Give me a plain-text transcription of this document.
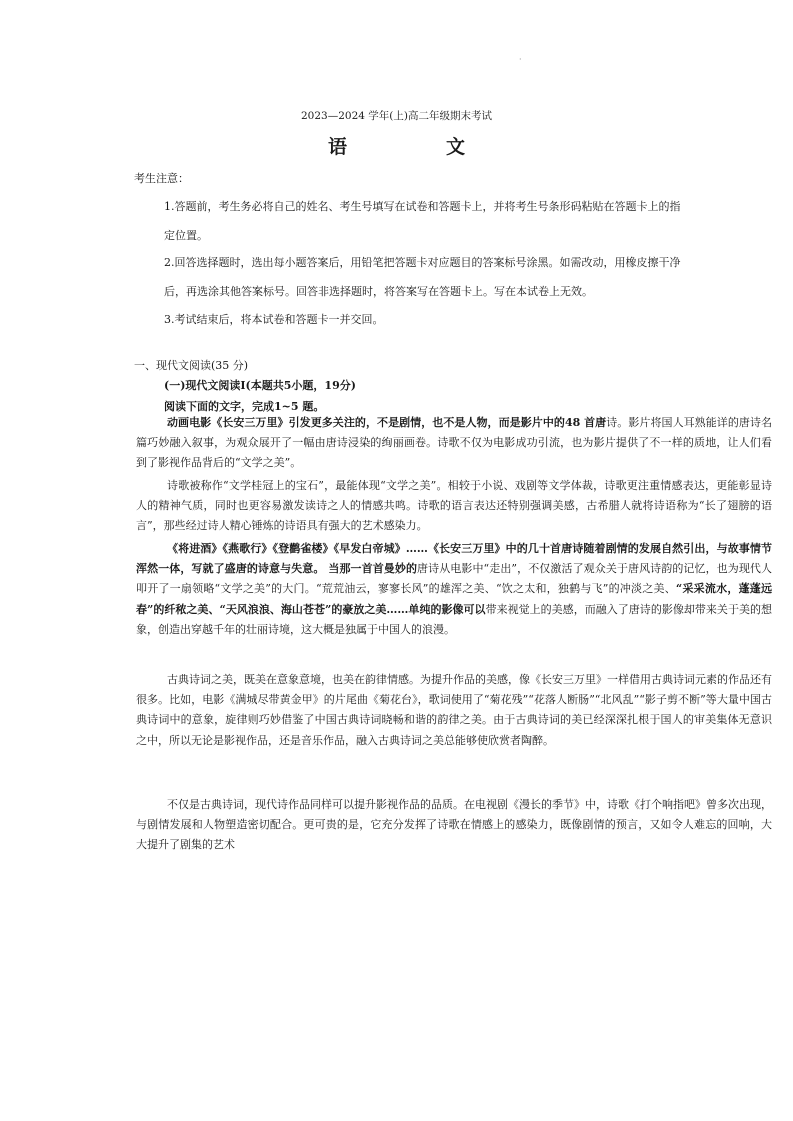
·
2023—2024 学年(上)高二年级期末考试
语　文
考生注意：
1.答题前，考生务必将自己的姓名、考生号填写在试卷和答题卡上，并将考生号条形码粘贴在答题卡上的指
定位置。
2.回答选择题时，选出每小题答案后，用铅笔把答题卡对应题目的答案标号涂黑。如需改动，用橡皮擦干净
后，再选涂其他答案标号。回答非选择题时，将答案写在答题卡上。写在本试卷上无效。
3.考试结束后，将本试卷和答题卡一并交回。
一、现代文阅读(35 分)
(一)现代文阅读Ⅰ(本题共5小题，19分)
阅读下面的文字，完成1~5 题。

动画电影《长安三万里》引发更多关注的，不是剧情，也不是人物，而是影片中的48 首唐诗。影片将国人耳熟能详的唐诗名篇巧妙融入叙事，为观众展开了一幅由唐诗浸染的绚丽画卷。诗歌不仅为电影成功引流，也为影片提供了不一样的质地，让人们看到了影视作品背后的“文学之美”。

诗歌被称作“文学桂冠上的宝石”，最能体现“文学之美”。相较于小说、戏剧等文学体裁，诗歌更注重情感表达，更能彰显诗人的精神气质，同时也更容易激发读诗之人的情感共鸣。诗歌的语言表达还特别强调美感，古希腊人就将诗语称为“长了翅膀的语言”，那些经过诗人精心锤炼的诗语具有强大的艺术感染力。

《将进酒》《燕歌行》《登鹳雀楼》《早发白帝城》……《长安三万里》中的几十首唐诗随着剧情的发展自然引出，与故事情节浑然一体，写就了盛唐的诗意与失意。 当那一首首曼妙的唐诗从电影中“走出”，不仅激活了观众关于唐风诗韵的记忆，也为现代人叩开了一扇领略“文学之美”的大门。“荒荒油云，寥寥长风”的雄浑之美、“饮之太和，独鹤与飞”的冲淡之美、“采采流水，蓬蓬远春”的纤秾之美、“天风浪浪、海山苍苍”的豪放之美……单纯的影像可以带来视觉上的美感，而融入了唐诗的影像却带来关于美的想象，创造出穿越千年的壮丽诗境，这大概是独属于中国人的浪漫。

古典诗词之美，既美在意象意境，也美在韵律情感。为提升作品的美感，像《长安三万里》一样借用古典诗词元素的作品还有很多。比如，电影《满城尽带黄金甲》的片尾曲《菊花台》，歌词使用了“菊花残”“花落人断肠”“北风乱”“影子剪不断”等大量中国古典诗词中的意象，旋律则巧妙借鉴了中国古典诗词晓畅和谐的韵律之美。由于古典诗词的美已经深深扎根于国人的审美集体无意识之中，所以无论是影视作品，还是音乐作品，融入古典诗词之美总能够使欣赏者陶醉。

不仅是古典诗词，现代诗作品同样可以提升影视作品的品质。在电视剧《漫长的季节》中，诗歌《打个响指吧》曾多次出现，与剧情发展和人物塑造密切配合。更可贵的是，它充分发挥了诗歌在情感上的感染力，既像剧情的预言，又如令人难忘的回响，大大提升了剧集的艺术
